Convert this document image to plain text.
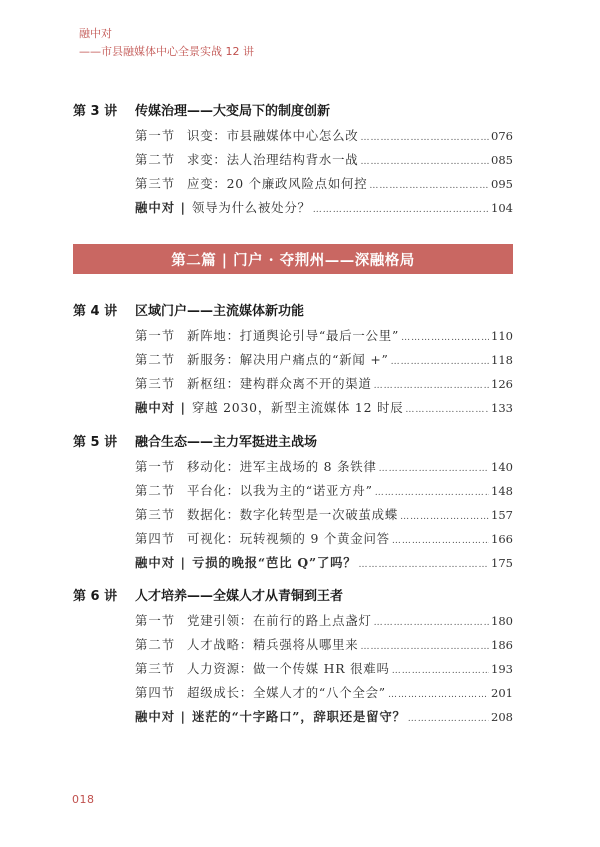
融中对
——市县融媒体中心全景实战 12 讲
第 3 讲	传媒治理——大变局下的制度创新
第一节 识变：市县融媒体中心怎么改 …………………………………………………………………………………………………………………………………	076
第二节 求变：法人治理结构背水一战 …………………………………………………………………………………………………………………………………	085
第三节 应变：20 个廉政风险点如何控 …………………………………………………………………………………………………………………………………	095
融中对 | 领导为什么被处分？ …………………………………………………………………………………………………………………………………	104
第二篇 | 门户 · 夺荆州——深融格局
第 4 讲	区域门户——主流媒体新功能
第一节 新阵地：打通舆论引导“最后一公里” …………………………………………………………………………………………………………………………………	110
第二节 新服务：解决用户痛点的“新闻 +” …………………………………………………………………………………………………………………………………	118
第三节 新枢纽：建构群众离不开的渠道 …………………………………………………………………………………………………………………………………	126
融中对 | 穿越 2030，新型主流媒体 12 时辰 …………………………………………………………………………………………………………………………………	133
第 5 讲	融合生态——主力军挺进主战场
第一节 移动化：进军主战场的 8 条铁律 …………………………………………………………………………………………………………………………………	140
第二节 平台化：以我为主的“诺亚方舟” …………………………………………………………………………………………………………………………………	148
第三节 数据化：数字化转型是一次破茧成蝶 …………………………………………………………………………………………………………………………………	157
第四节 可视化：玩转视频的 9 个黄金问答 …………………………………………………………………………………………………………………………………	166
融中对 | 亏损的晚报“芭比 Q”了吗？ …………………………………………………………………………………………………………………………………	175
第 6 讲	人才培养——全媒人才从青铜到王者
第一节 党建引领：在前行的路上点盏灯 …………………………………………………………………………………………………………………………………	180
第二节 人才战略：精兵强将从哪里来 …………………………………………………………………………………………………………………………………	186
第三节 人力资源：做一个传媒 HR 很难吗 …………………………………………………………………………………………………………………………………	193
第四节 超级成长：全媒人才的“八个全会” …………………………………………………………………………………………………………………………………	201
融中对 | 迷茫的“十字路口”，辞职还是留守？ …………………………………………………………………………………………………………………………………	208
018
